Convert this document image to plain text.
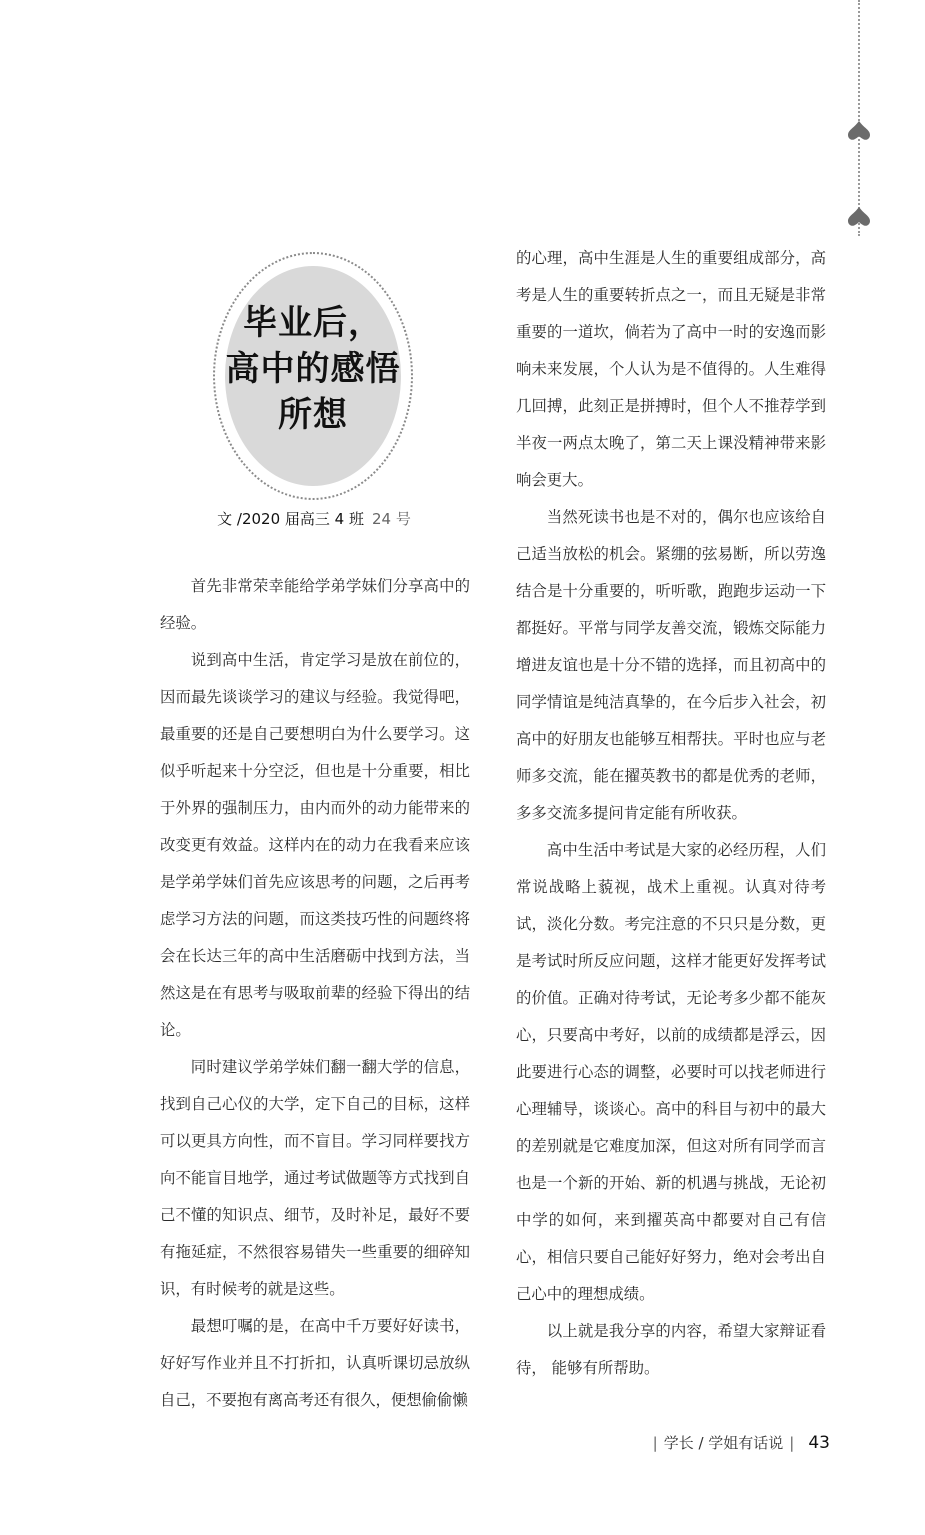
毕业后，
高中的感悟
所想
文 /2020 届高三 4 班 24 号

首先非常荣幸能给学弟学妹们分享高中的经验。

说到高中生活，肯定学习是放在前位的，因而最先谈谈学习的建议与经验。我觉得吧，最重要的还是自己要想明白为什么要学习。这似乎听起来十分空泛，但也是十分重要，相比于外界的强制压力，由内而外的动力能带来的改变更有效益。这样内在的动力在我看来应该是学弟学妹们首先应该思考的问题，之后再考虑学习方法的问题，而这类技巧性的问题终将会在长达三年的高中生活磨砺中找到方法，当然这是在有思考与吸取前辈的经验下得出的结论。

同时建议学弟学妹们翻一翻大学的信息，找到自己心仪的大学，定下自己的目标，这样可以更具方向性，而不盲目。学习同样要找方向不能盲目地学，通过考试做题等方式找到自己不懂的知识点、细节，及时补足，最好不要有拖延症，不然很容易错失一些重要的细碎知识，有时候考的就是这些。

最想叮嘱的是，在高中千万要好好读书，好好写作业并且不打折扣，认真听课切忌放纵自己，不要抱有离高考还有很久，便想偷偷懒

的心理，高中生涯是人生的重要组成部分，高考是人生的重要转折点之一，而且无疑是非常重要的一道坎，倘若为了高中一时的安逸而影响未来发展，个人认为是不值得的。人生难得几回搏，此刻正是拼搏时，但个人不推荐学到半夜一两点太晚了，第二天上课没精神带来影响会更大。

当然死读书也是不对的，偶尔也应该给自己适当放松的机会。紧绷的弦易断，所以劳逸结合是十分重要的，听听歌，跑跑步运动一下都挺好。平常与同学友善交流，锻炼交际能力增进友谊也是十分不错的选择，而且初高中的同学情谊是纯洁真挚的，在今后步入社会，初高中的好朋友也能够互相帮扶。平时也应与老师多交流，能在擢英教书的都是优秀的老师，多多交流多提问肯定能有所收获。

高中生活中考试是大家的必经历程，人们常说战略上藐视，战术上重视。认真对待考试，淡化分数。考完注意的不只只是分数，更是考试时所反应问题，这样才能更好发挥考试的价值。正确对待考试，无论考多少都不能灰心，只要高中考好，以前的成绩都是浮云，因此要进行心态的调整，必要时可以找老师进行心理辅导，谈谈心。高中的科目与初中的最大的差别就是它难度加深，但这对所有同学而言也是一个新的开始、新的机遇与挑战，无论初中学的如何，来到擢英高中都要对自己有信心，相信只要自己能好好努力，绝对会考出自己心中的理想成绩。

以上就是我分享的内容，希望大家辩证看待， 能够有所帮助。

| 学长 / 学姐有话说 | 43
